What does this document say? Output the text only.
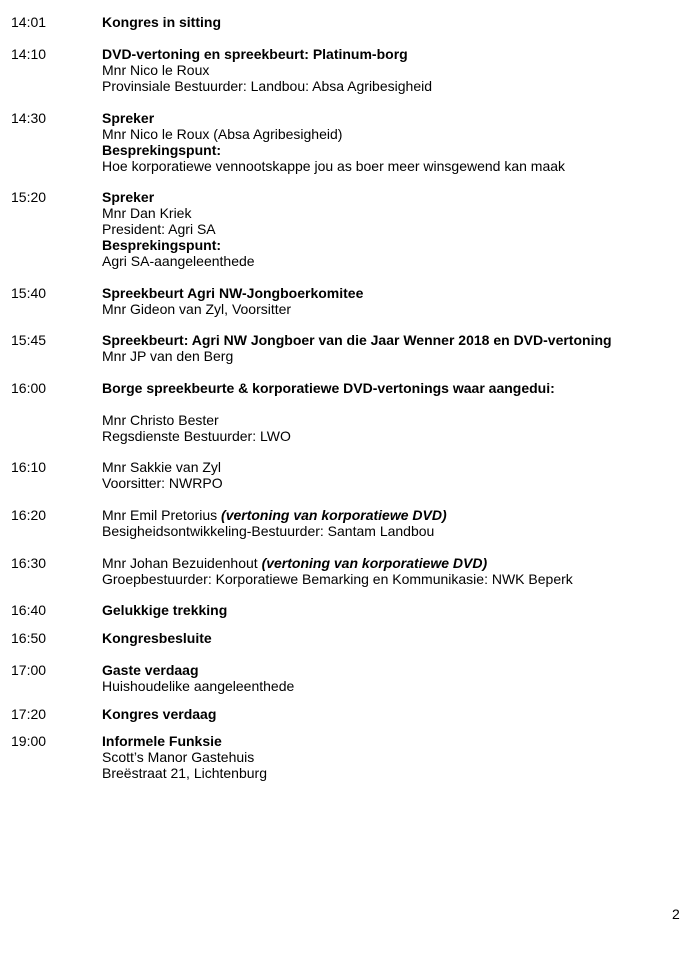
14:01	Kongres in sitting
14:10	DVD-vertoning en spreekbeurt: Platinum-borg
Mnr Nico le Roux
Provinsiale Bestuurder: Landbou: Absa Agribesigheid
14:30	Spreker
Mnr Nico le Roux (Absa Agribesigheid)
Besprekingspunt:
Hoe korporatiewe vennootskappe jou as boer meer winsgewend kan maak
15:20	Spreker
Mnr Dan Kriek
President: Agri SA
Besprekingspunt:
Agri SA-aangeleenthede
15:40	Spreekbeurt Agri NW-Jongboerkomitee
Mnr Gideon van Zyl, Voorsitter
15:45	Spreekbeurt: Agri NW Jongboer van die Jaar Wenner 2018 en DVD-vertoning
Mnr JP van den Berg
16:00	Borge spreekbeurte & korporatiewe DVD-vertonings waar aangedui:
Mnr Christo Bester
Regsdienste Bestuurder: LWO
16:10	Mnr Sakkie van Zyl
Voorsitter: NWRPO
16:20	Mnr Emil Pretorius (vertoning van korporatiewe DVD)
Besigheidsontwikkeling-Bestuurder: Santam Landbou
16:30	Mnr Johan Bezuidenhout (vertoning van korporatiewe DVD)
Groepbestuurder: Korporatiewe Bemarking en Kommunikasie: NWK Beperk
16:40	Gelukkige trekking
16:50	Kongresbesluite
17:00	Gaste verdaag
Huishoudelike aangeleenthede
17:20	Kongres verdaag
19:00	Informele Funksie
Scott’s Manor Gastehuis
Breëstraat 21, Lichtenburg
2
